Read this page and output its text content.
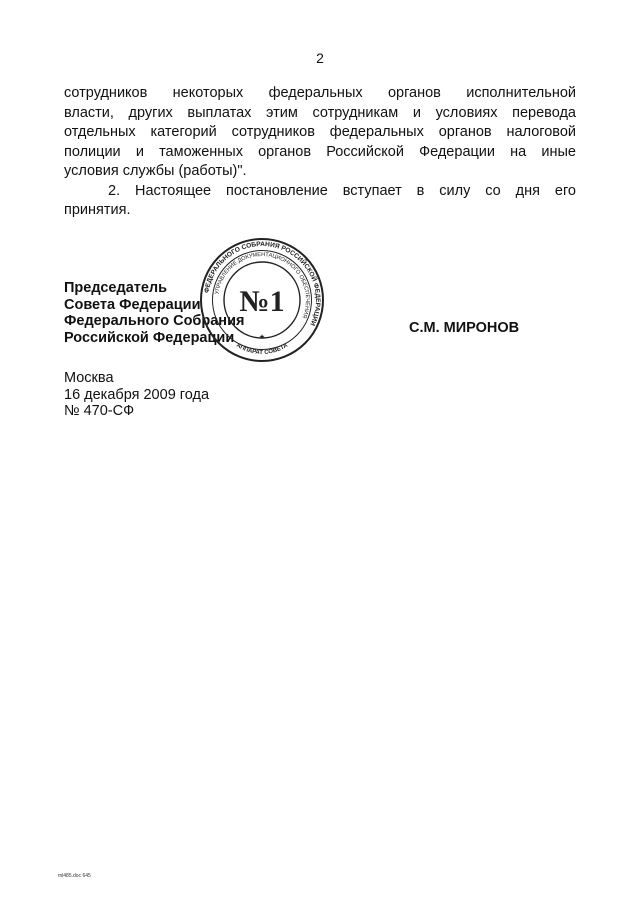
2
сотрудников некоторых федеральных органов исполнительной
власти, других выплатах этим сотрудникам и условиях перевода
отдельных категорий сотрудников федеральных органов налоговой
полиции и таможенных органов Российской Федерации на иные
условия службы (работы)".
2. Настоящее постановление вступает в силу со дня его
принятия.
Председатель
Совета Федерации
Федерального Собрания
Российской Федерации
С.М. МИРОНОВ
ФЕДЕРАЛЬНОГО СОБРАНИЯ РОССИЙСКОЙ ФЕДЕРАЦИИ
УПРАВЛЕНИЕ ДОКУМЕНТАЦИОННОГО ОБЕСПЕЧЕНИЯ
АППАРАТ СОВЕТА
№1
★
Москва
16 декабря 2009 года
№ 470-СФ
ml485.doc 645
